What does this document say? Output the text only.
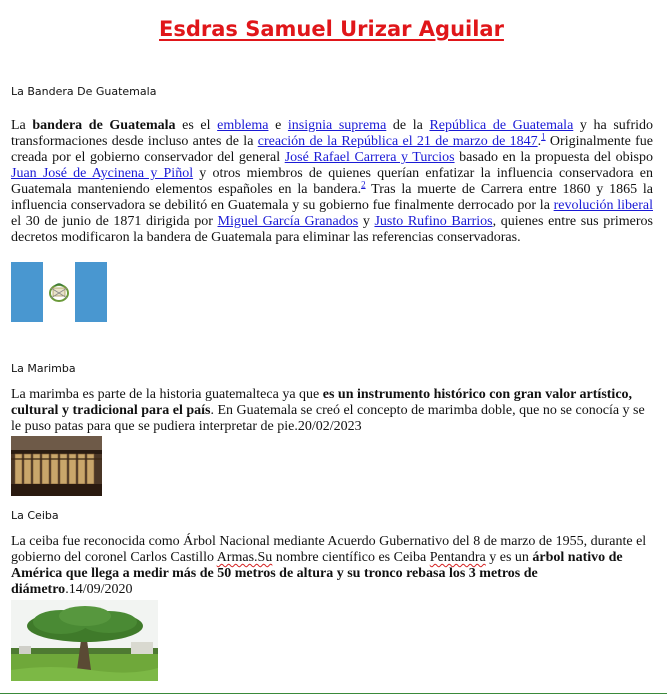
Esdras Samuel Urizar Aguilar
La Bandera De Guatemala
La bandera de Guatemala es el emblema e insignia suprema de la República de Guatemala y ha sufrido transformaciones desde incluso antes de la creación de la República el 21 de marzo de 1847.$^1$ Originalmente fue creada por el gobierno conservador del general José Rafael Carrera y Turcios basado en la propuesta del obispo Juan José de Aycinena y Piñol y otros miembros de quienes querían enfatizar la influencia conservadora en Guatemala manteniendo elementos españoles en la bandera.$^2$ Tras la muerte de Carrera entre 1860 y 1865 la influencia conservadora se debilitó en Guatemala y su gobierno fue finalmente derrocado por la revolución liberal el 30 de junio de 1871 dirigida por Miguel García Granados y Justo Rufino Barrios, quienes entre sus primeros decretos modificaron la bandera de Guatemala para eliminar las referencias conservadoras.
La Marimba
La marimba es parte de la historia guatemalteca ya que es un instrumento histórico con gran valor artístico, cultural y tradicional para el país. En Guatemala se creó el concepto de marimba doble, que no se conocía y se le puso patas para que se pudiera interpretar de pie.20/02/2023
La Ceiba
La ceiba fue reconocida como Árbol Nacional mediante Acuerdo Gubernativo del 8 de marzo de 1955, durante el gobierno del coronel Carlos Castillo Armas.Su nombre científico es Ceiba Pentandra y es un árbol nativo de América que llega a medir más de 50 metros de altura y su tronco rebasa los 3 metros de diámetro.14/09/2020
